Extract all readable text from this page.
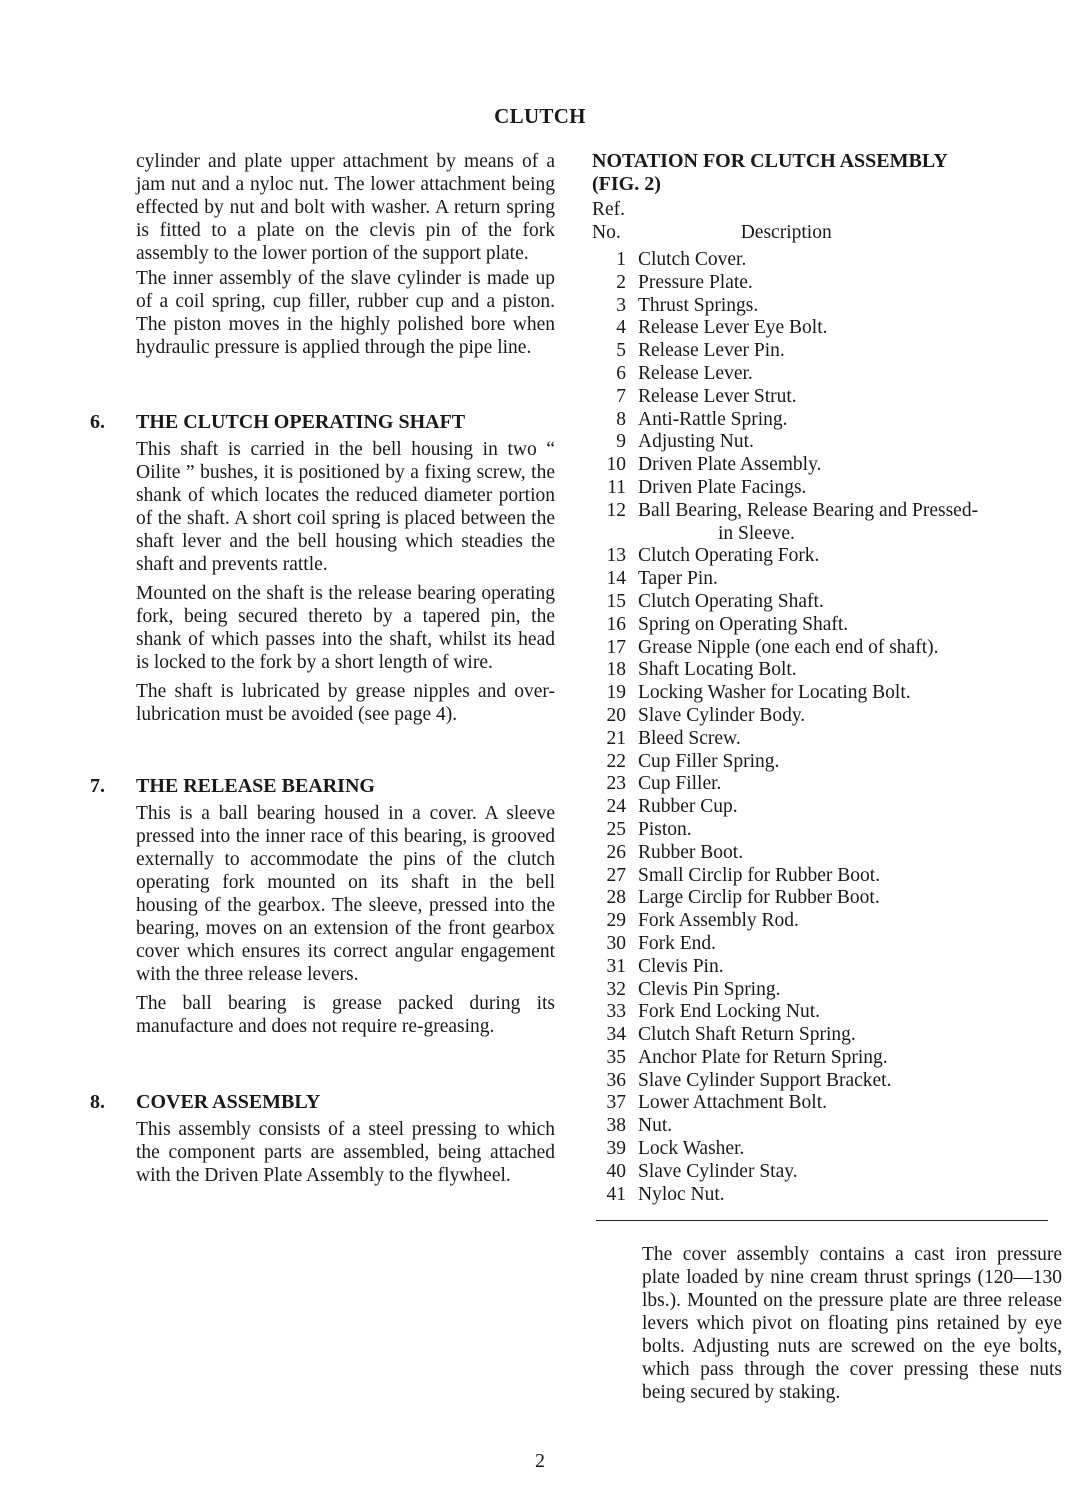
CLUTCH

cylinder and plate upper attachment by means of a jam nut and a nyloc nut. The lower attachment being effected by nut and bolt with washer. A return spring is fitted to a plate on the clevis pin of the fork assembly to the lower portion of the support plate.

The inner assembly of the slave cylinder is made up of a coil spring, cup filler, rubber cup and a piston. The piston moves in the highly polished bore when hydraulic pressure is applied through the pipe line.

6.	THE CLUTCH OPERATING SHAFT

This shaft is carried in the bell housing in two “ Oilite ” bushes, it is positioned by a fixing screw, the shank of which locates the reduced diameter portion of the shaft. A short coil spring is placed between the shaft lever and the bell housing which steadies the shaft and prevents rattle.

Mounted on the shaft is the release bearing operating fork, being secured thereto by a tapered pin, the shank of which passes into the shaft, whilst its head is locked to the fork by a short length of wire.

The shaft is lubricated by grease nipples and over-lubrication must be avoided (see page 4).

7.	THE RELEASE BEARING

This is a ball bearing housed in a cover. A sleeve pressed into the inner race of this bearing, is grooved externally to accommodate the pins of the clutch operating fork mounted on its shaft in the bell housing of the gearbox. The sleeve, pressed into the bearing, moves on an extension of the front gearbox cover which ensures its correct angular engagement with the three release levers.

The ball bearing is grease packed during its manufacture and does not require re-greasing.

8.	COVER ASSEMBLY

This assembly consists of a steel pressing to which the component parts are assembled, being attached with the Driven Plate Assembly to the flywheel.

NOTATION FOR CLUTCH ASSEMBLY
(FIG. 2)
Ref.
No.	Description
1 Clutch Cover.
2 Pressure Plate.
3 Thrust Springs.
4 Release Lever Eye Bolt.
5 Release Lever Pin.
6 Release Lever.
7 Release Lever Strut.
8 Anti-Rattle Spring.
9 Adjusting Nut.
10 Driven Plate Assembly.
11 Driven Plate Facings.
12 Ball Bearing, Release Bearing and Pressed-
in Sleeve.
13 Clutch Operating Fork.
14 Taper Pin.
15 Clutch Operating Shaft.
16 Spring on Operating Shaft.
17 Grease Nipple (one each end of shaft).
18 Shaft Locating Bolt.
19 Locking Washer for Locating Bolt.
20 Slave Cylinder Body.
21 Bleed Screw.
22 Cup Filler Spring.
23 Cup Filler.
24 Rubber Cup.
25 Piston.
26 Rubber Boot.
27 Small Circlip for Rubber Boot.
28 Large Circlip for Rubber Boot.
29 Fork Assembly Rod.
30 Fork End.
31 Clevis Pin.
32 Clevis Pin Spring.
33 Fork End Locking Nut.
34 Clutch Shaft Return Spring.
35 Anchor Plate for Return Spring.
36 Slave Cylinder Support Bracket.
37 Lower Attachment Bolt.
38 Nut.
39 Lock Washer.
40 Slave Cylinder Stay.
41 Nyloc Nut.

The cover assembly contains a cast iron pressure plate loaded by nine cream thrust springs (120—130 lbs.). Mounted on the pressure plate are three release levers which pivot on floating pins retained by eye bolts. Adjusting nuts are screwed on the eye bolts, which pass through the cover pressing these nuts being secured by staking.

2
